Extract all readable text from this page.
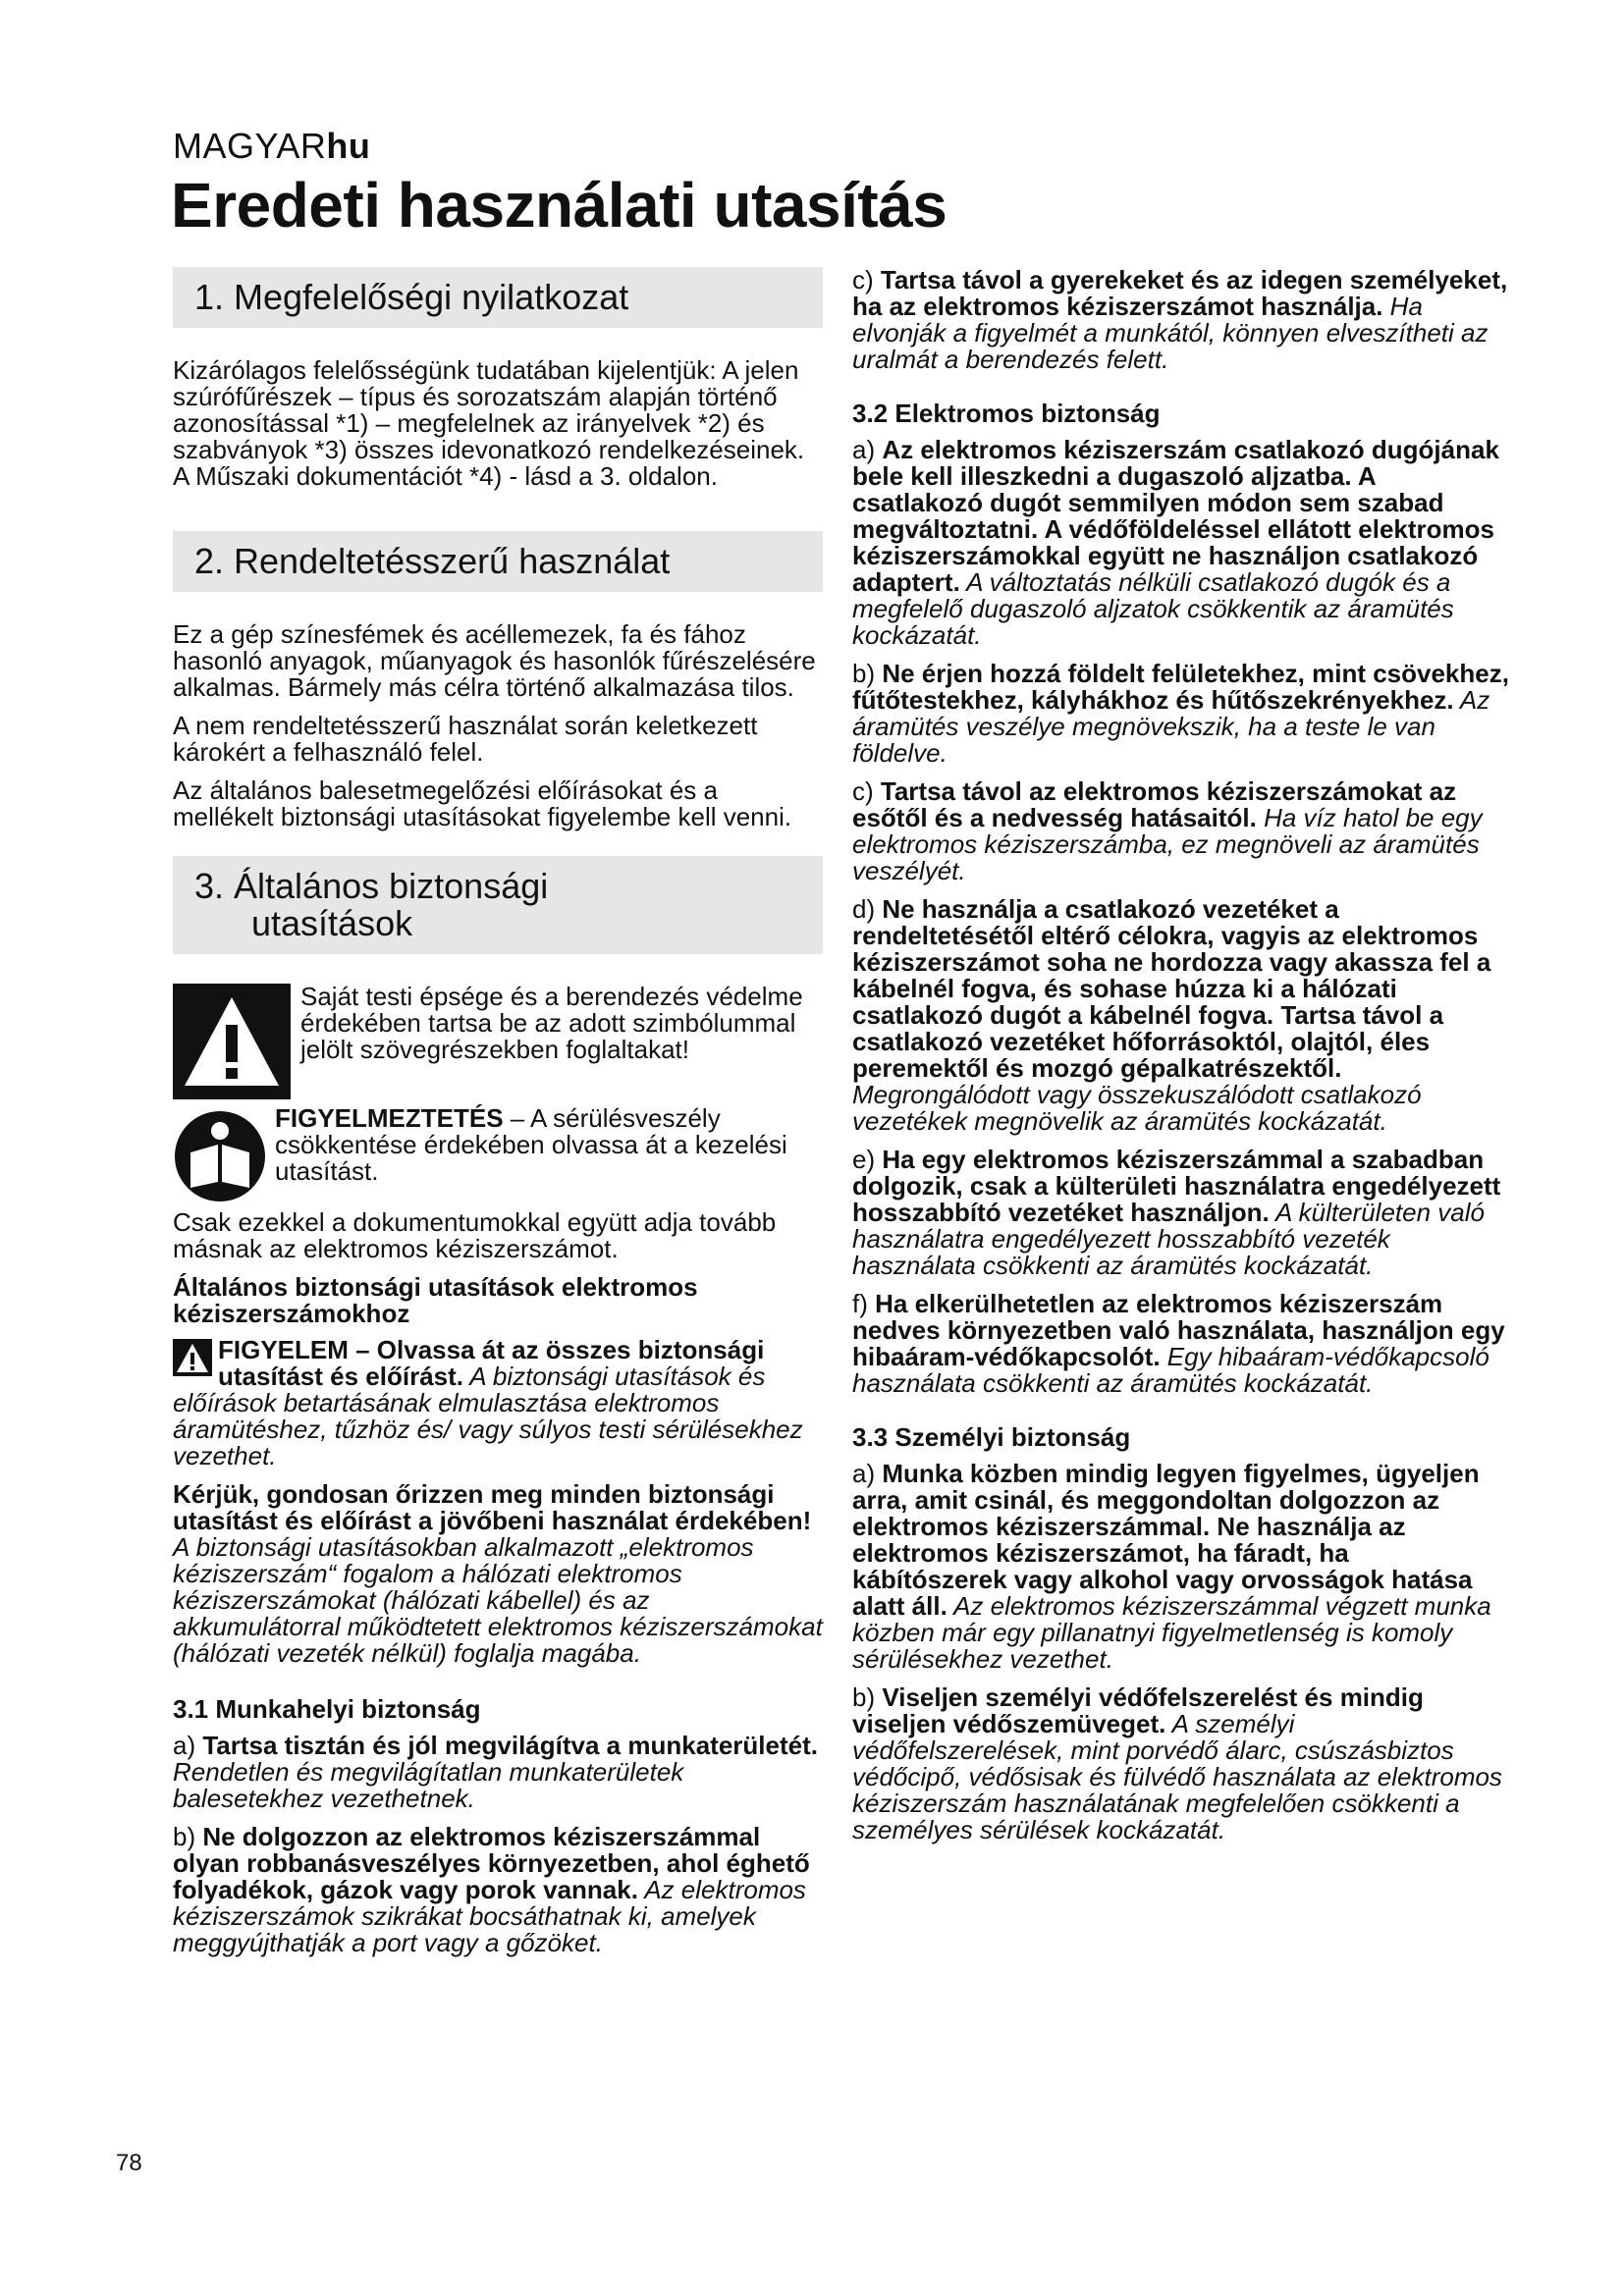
MAGYARhu
Eredeti használati utasítás
1. Megfelelőségi nyilatkozat

Kizárólagos felelősségünk tudatában kijelentjük: A jelen szúrófűrészek – típus és sorozatszám alapján történő azonosítással *1) – megfelelnek az irányelvek *2) és szabványok *3) összes idevonatkozó rendelkezéseinek. A Műszaki dokumentációt *4) - lásd a 3. oldalon.

2. Rendeltetésszerű használat

Ez a gép színesfémek és acéllemezek, fa és fához hasonló anyagok, műanyagok és hasonlók fűrészelésére alkalmas. Bármely más célra történő alkalmazása tilos.

A nem rendeltetésszerű használat során keletkezett károkért a felhasználó felel.

Az általános balesetmegelőzési előírásokat és a mellékelt biztonsági utasításokat figyelembe kell venni.

3. Általános biztonsági
utasítások

Saját testi épsége és a berendezés védelme érdekében tartsa be az adott szimbólummal jelölt szövegrészekben foglaltakat!

FIGYELMEZTETÉS – A sérülésveszély csökkentése érdekében olvassa át a kezelési utasítást.

Csak ezekkel a dokumentumokkal együtt adja tovább másnak az elektromos kéziszerszámot.

Általános biztonsági utasítások elektromos kéziszerszámokhoz

FIGYELEM – Olvassa át az összes biztonsági utasítást és előírást. A biztonsági utasítások és előírások betartásának elmulasztása elektromos áramütéshez, tűzhöz és/ vagy súlyos testi sérülésekhez vezethet.

Kérjük, gondosan őrizzen meg minden biztonsági utasítást és előírást a jövőbeni használat érdekében! A biztonsági utasításokban alkalmazott „elektromos kéziszerszám“ fogalom a hálózati elektromos kéziszerszámokat (hálózati kábellel) és az akkumulátorral működtetett elektromos kéziszerszámokat (hálózati vezeték nélkül) foglalja magába.

3.1 Munkahelyi biztonság

a) Tartsa tisztán és jól megvilágítva a munkaterületét. Rendetlen és megvilágítatlan munkaterületek balesetekhez vezethetnek.

b) Ne dolgozzon az elektromos kéziszerszámmal olyan robbanásveszélyes környezetben, ahol éghető folyadékok, gázok vagy porok vannak. Az elektromos kéziszerszámok szikrákat bocsáthatnak ki, amelyek meggyújthatják a port vagy a gőzöket.

c) Tartsa távol a gyerekeket és az idegen személyeket, ha az elektromos kéziszerszámot használja. Ha elvonják a figyelmét a munkától, könnyen elveszítheti az uralmát a berendezés felett.

3.2 Elektromos biztonság

a) Az elektromos kéziszerszám csatlakozó dugójának bele kell illeszkedni a dugaszoló aljzatba. A csatlakozó dugót semmilyen módon sem szabad megváltoztatni. A védőföldeléssel ellátott elektromos kéziszerszámokkal együtt ne használjon csatlakozó adaptert. A változtatás nélküli csatlakozó dugók és a megfelelő dugaszoló aljzatok csökkentik az áramütés kockázatát.

b) Ne érjen hozzá földelt felületekhez, mint csövekhez, fűtőtestekhez, kályhákhoz és hűtőszekrényekhez. Az áramütés veszélye megnövekszik, ha a teste le van földelve.

c) Tartsa távol az elektromos kéziszerszámokat az esőtől és a nedvesség hatásaitól. Ha víz hatol be egy elektromos kéziszerszámba, ez megnöveli az áramütés veszélyét.

d) Ne használja a csatlakozó vezetéket a rendeltetésétől eltérő célokra, vagyis az elektromos kéziszerszámot soha ne hordozza vagy akassza fel a kábelnél fogva, és sohase húzza ki a hálózati csatlakozó dugót a kábelnél fogva. Tartsa távol a csatlakozó vezetéket hőforrásoktól, olajtól, éles peremektől és mozgó gépalkatrészektől. Megrongálódott vagy összekuszálódott csatlakozó vezetékek megnövelik az áramütés kockázatát.

e) Ha egy elektromos kéziszerszámmal a szabadban dolgozik, csak a külterületi használatra engedélyezett hosszabbító vezetéket használjon. A külterületen való használatra engedélyezett hosszabbító vezeték használata csökkenti az áramütés kockázatát.

f) Ha elkerülhetetlen az elektromos kéziszerszám nedves környezetben való használata, használjon egy hibaáram-védőkapcsolót. Egy hibaáram-védőkapcsoló használata csökkenti az áramütés kockázatát.

3.3 Személyi biztonság

a) Munka közben mindig legyen figyelmes, ügyeljen arra, amit csinál, és meggondoltan dolgozzon az elektromos kéziszerszámmal. Ne használja az elektromos kéziszerszámot, ha fáradt, ha kábítószerek vagy alkohol vagy orvosságok hatása alatt áll. Az elektromos kéziszerszámmal végzett munka közben már egy pillanatnyi figyelmetlenség is komoly sérülésekhez vezethet.

b) Viseljen személyi védőfelszerelést és mindig viseljen védőszemüveget. A személyi védőfelszerelések, mint porvédő álarc, csúszásbiztos védőcipő, védősisak és fülvédő használata az elektromos kéziszerszám használatának megfelelően csökkenti a személyes sérülések kockázatát.

78
